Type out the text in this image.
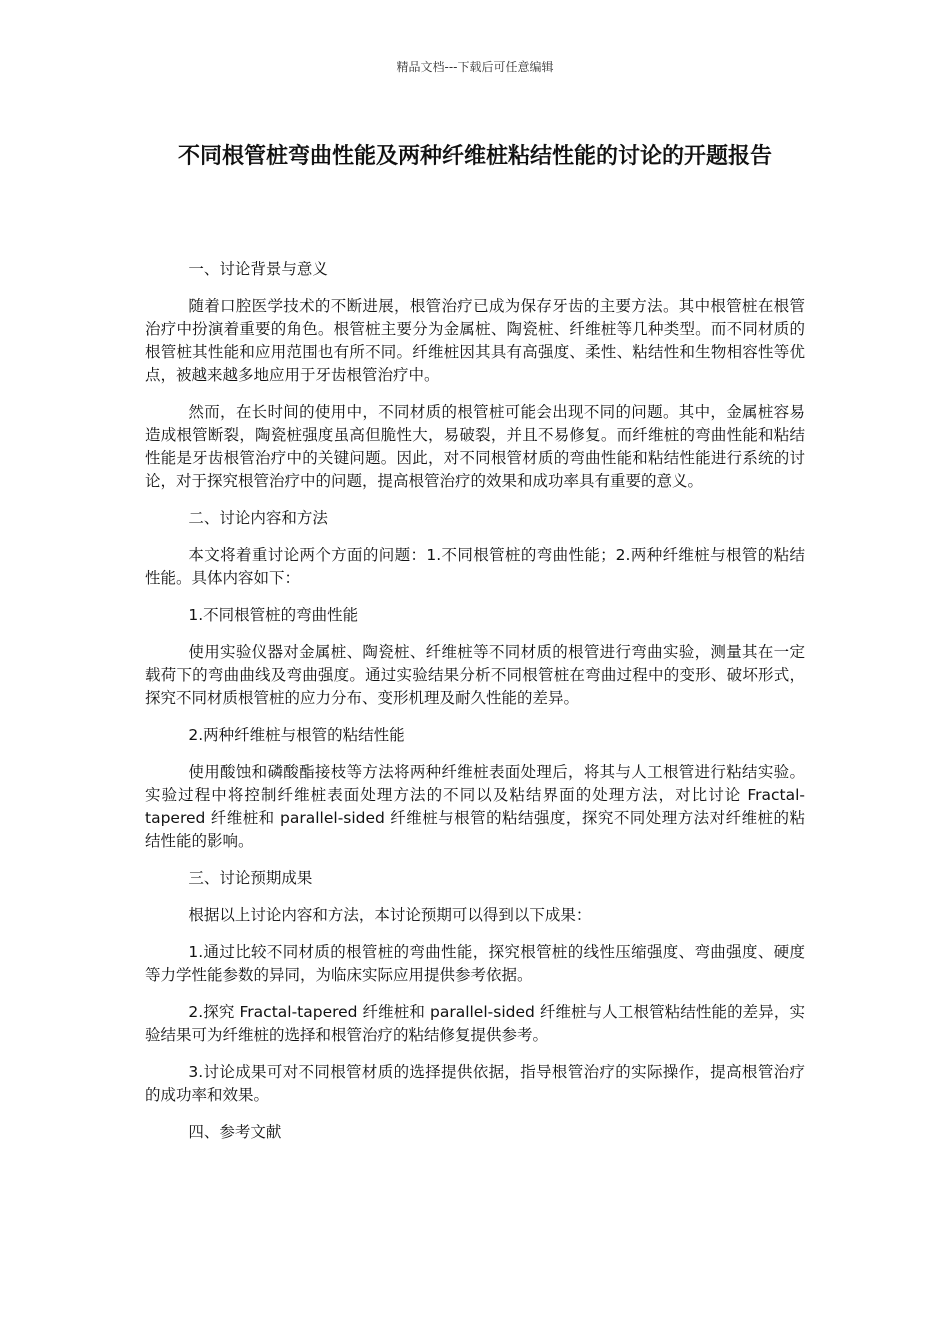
精品文档---下载后可任意编辑
不同根管桩弯曲性能及两种纤维桩粘结性能的讨论的开题报告

一、讨论背景与意义

随着口腔医学技术的不断进展，根管治疗已成为保存牙齿的主要方法。其中根管桩在根管治疗中扮演着重要的角色。根管桩主要分为金属桩、陶瓷桩、纤维桩等几种类型。而不同材质的根管桩其性能和应用范围也有所不同。纤维桩因其具有高强度、柔性、粘结性和生物相容性等优点，被越来越多地应用于牙齿根管治疗中。

然而，在长时间的使用中，不同材质的根管桩可能会出现不同的问题。其中，金属桩容易造成根管断裂，陶瓷桩强度虽高但脆性大，易破裂，并且不易修复。而纤维桩的弯曲性能和粘结性能是牙齿根管治疗中的关键问题。因此，对不同根管材质的弯曲性能和粘结性能进行系统的讨论，对于探究根管治疗中的问题，提高根管治疗的效果和成功率具有重要的意义。

二、讨论内容和方法

本文将着重讨论两个方面的问题：1.不同根管桩的弯曲性能；2.两种纤维桩与根管的粘结性能。具体内容如下：

1.不同根管桩的弯曲性能

使用实验仪器对金属桩、陶瓷桩、纤维桩等不同材质的根管进行弯曲实验，测量其在一定载荷下的弯曲曲线及弯曲强度。通过实验结果分析不同根管桩在弯曲过程中的变形、破坏形式，探究不同材质根管桩的应力分布、变形机理及耐久性能的差异。

2.两种纤维桩与根管的粘结性能

使用酸蚀和磷酸酯接枝等方法将两种纤维桩表面处理后，将其与人工根管进行粘结实验。实验过程中将控制纤维桩表面处理方法的不同以及粘结界面的处理方法，对比讨论 Fractal-tapered 纤维桩和 parallel-sided 纤维桩与根管的粘结强度，探究不同处理方法对纤维桩的粘结性能的影响。

三、讨论预期成果

根据以上讨论内容和方法，本讨论预期可以得到以下成果：

1.通过比较不同材质的根管桩的弯曲性能，探究根管桩的线性压缩强度、弯曲强度、硬度等力学性能参数的异同，为临床实际应用提供参考依据。

2.探究 Fractal-tapered 纤维桩和 parallel-sided 纤维桩与人工根管粘结性能的差异，实验结果可为纤维桩的选择和根管治疗的粘结修复提供参考。

3.讨论成果可对不同根管材质的选择提供依据，指导根管治疗的实际操作，提高根管治疗的成功率和效果。

四、参考文献
